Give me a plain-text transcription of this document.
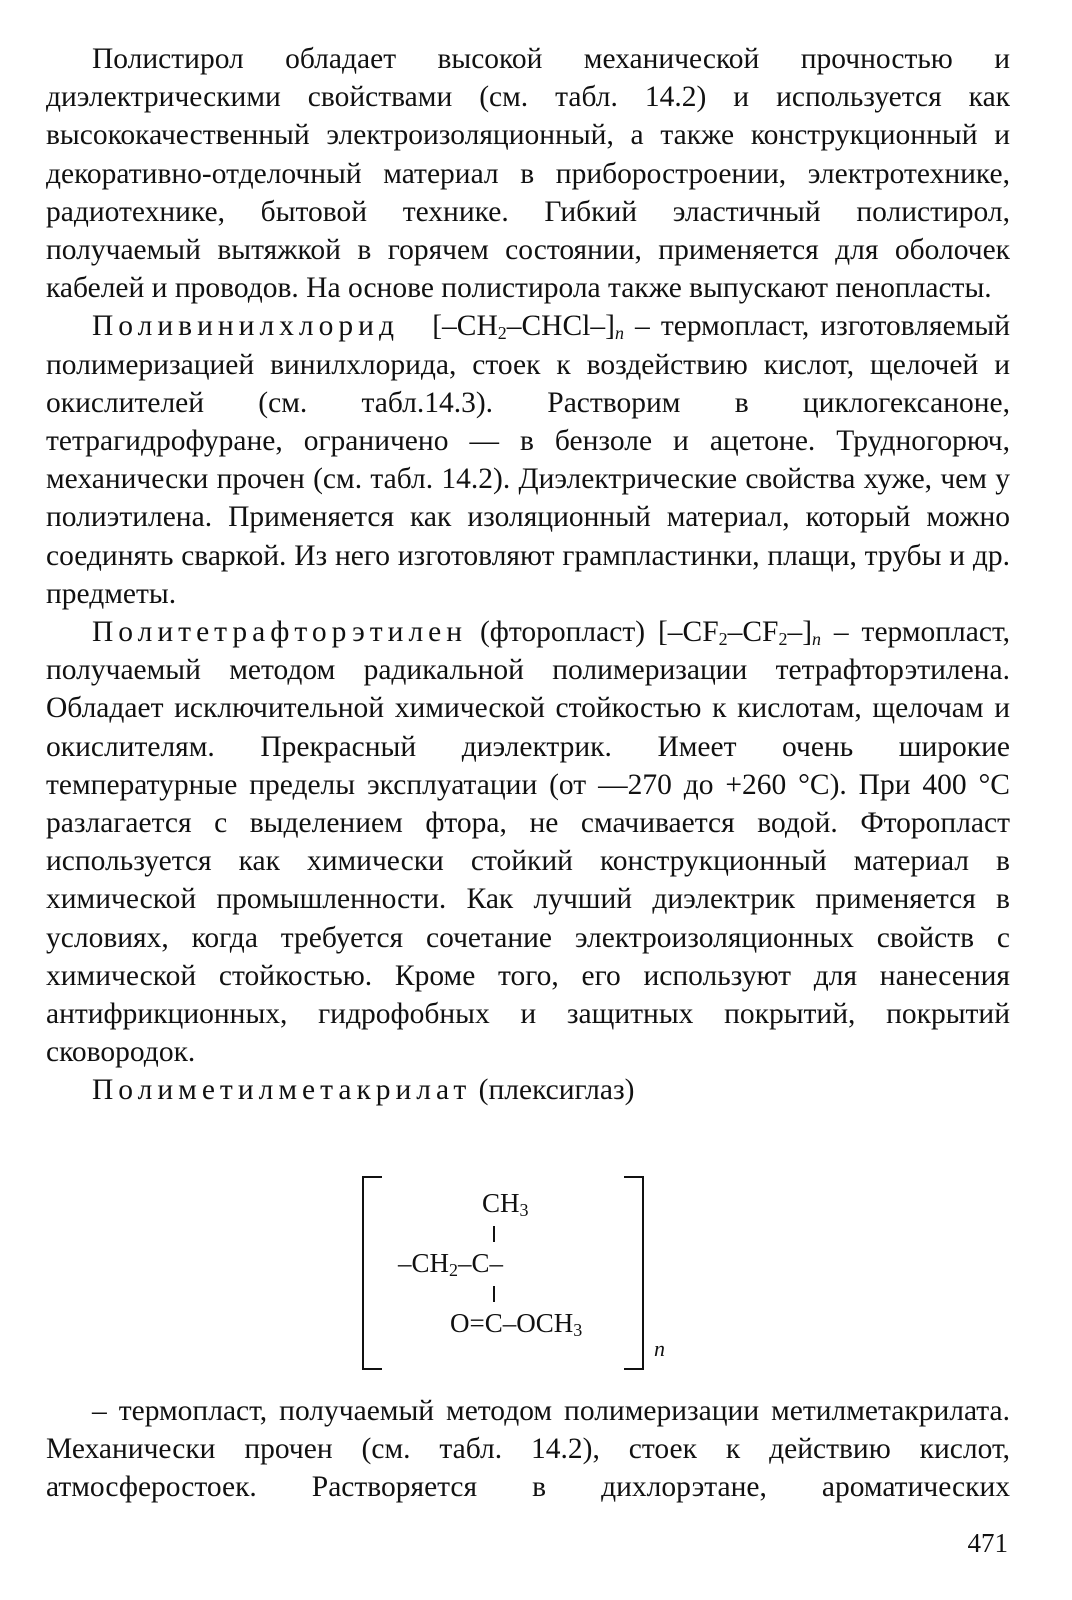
Полистирол обладает высокой механической прочностью и диэлектрическими свойствами (см. табл. 14.2) и используется как высококачественный электроизоляционный, а также конструкционный и декоративно-отделочный материал в приборостроении, электротехнике, радиотехнике, бытовой технике. Гибкий эластичный полистирол, получаемый вытяжкой в горячем состоянии, применяется для оболочек кабелей и проводов. На основе полистирола также выпускают пенопласты.

Поливинилхлорид $[-CH_2-CHCl-]_n$ – термопласт, изготовляемый полимеризацией винилхлорида, стоек к воздействию кислот, щелочей и окислителей (см. табл.14.3). Растворим в циклогексаноне, тетрагидрофуране, ограничено — в бензоле и ацетоне. Трудногорюч, механически прочен (см. табл. 14.2). Диэлектрические свойства хуже, чем у полиэтилена. Применяется как изоляционный материал, который можно соединять сваркой. Из него изготовляют грампластинки, плащи, трубы и др. предметы.

Политетрафторэтилен (фторопласт) $[-CF_2-CF_2-]_n$ – термопласт, получаемый методом радикальной полимеризации тетрафторэтилена. Обладает исключительной химической стойкостью к кислотам, щелочам и окислителям. Прекрасный диэлектрик. Имеет очень широкие температурные пределы эксплуатации (от —270 до +260 °С). При 400 °С разлагается с выделением фтора, не смачивается водой. Фторопласт используется как химически стойкий конструкционный материал в химической промышленности. Как лучший диэлектрик применяется в условиях, когда требуется сочетание электроизоляционных свойств с химической стойкостью. Кроме того, его используют для нанесения антифрикционных, гидрофобных и защитных покрытий, покрытий сковородок.

Полиметилметакрилат (плексиглаз)

$CH_3$
$-CH_2-C-$
$O=C-OCH_3$
n

– термопласт, получаемый методом полимеризации метилметакрилата. Механически прочен (см. табл. 14.2), стоек к действию кислот, атмосферостоек. Растворяется в дихлорэтане, ароматических

471
